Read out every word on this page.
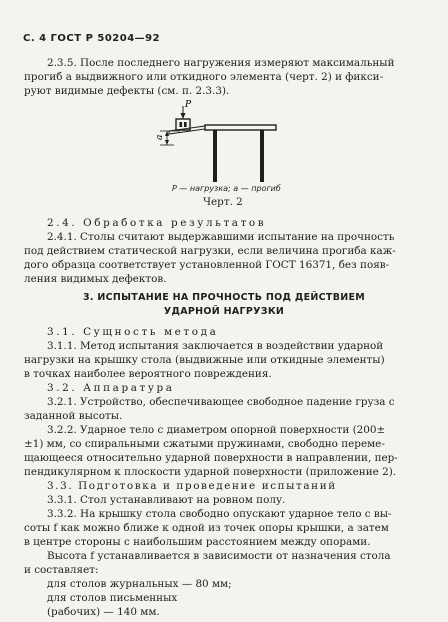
С. 4 ГОСТ Р 50204—92
2.3.5. После последнего нагружения измеряют максимальный
прогиб a выдвижного или откидного элемента (черт. 2) и фикси-
руют видимые дефекты (см. п. 2.3.3).
P
a
P — нагрузка; a — прогиб
Черт. 2
2.4. Обработка результатов
2.4.1. Столы считают выдержавшими испытание на прочность
под действием статической нагрузки, если величина прогиба каж-
дого образца соответствует установленной ГОСТ 16371, без появ-
ления видимых дефектов.
3. ИСПЫТАНИЕ НА ПРОЧНОСТЬ ПОД ДЕЙСТВИЕМ
УДАРНОЙ НАГРУЗКИ
3.1. Сущность метода
3.1.1. Метод испытания заключается в воздействии ударной
нагрузки на крышку стола (выдвижные или откидные элементы)
в точках наиболее вероятного повреждения.
3.2. Аппаратура
3.2.1. Устройство, обеспечивающее свободное падение груза с
заданной высоты.
3.2.2. Ударное тело с диаметром опорной поверхности (200±
±1) мм, со спиральными сжатыми пружинами, свободно переме-
щающееся относительно ударной поверхности в направлении, пер-
пендикулярном к плоскости ударной поверхности (приложение 2).
3.3. Подготовка и проведение испытаний
3.3.1. Стол устанавливают на ровном полу.
3.3.2. На крышку стола свободно опускают ударное тело с вы-
соты f как можно ближе к одной из точек опоры крышки, а затем
в центре стороны с наибольшим расстоянием между опорами.
Высота f устанавливается в зависимости от назначения стола
и составляет:
для столов журнальных — 80 мм;
для столов письменных
(рабочих) — 140 мм.
